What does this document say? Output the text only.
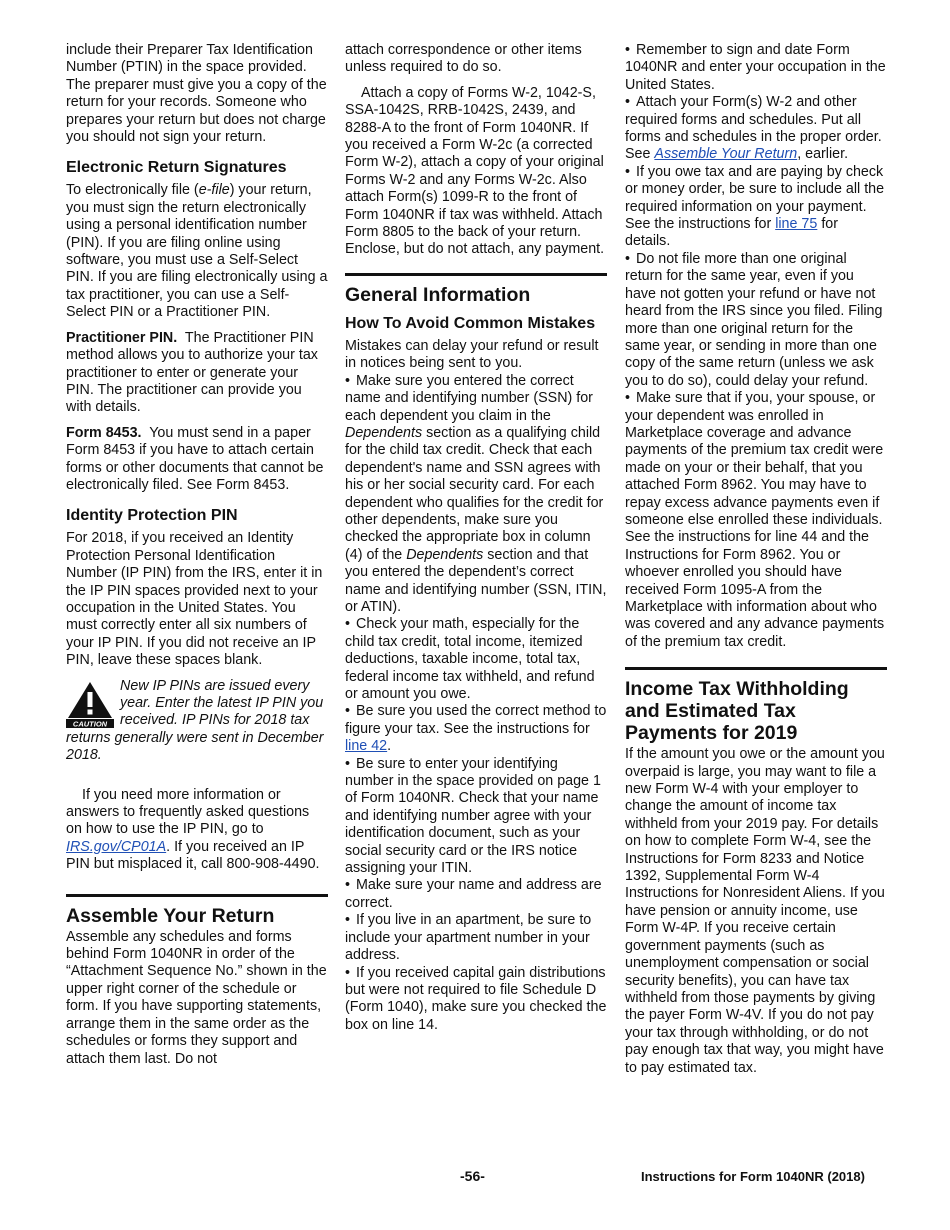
include their Preparer Tax Identification Number (PTIN) in the space provided. The preparer must give you a copy of the return for your records. Someone who prepares your return but does not charge you should not sign your return.

Electronic Return Signatures

To electronically file (e-file) your return, you must sign the return electronically using a personal identification number (PIN). If you are filing online using software, you must use a Self-Select PIN. If you are filing electronically using a tax practitioner, you can use a Self-Select PIN or a Practitioner PIN.

Practitioner PIN. The Practitioner PIN method allows you to authorize your tax practitioner to enter or generate your PIN. The practitioner can provide you with details.

Form 8453. You must send in a paper Form 8453 if you have to attach certain forms or other documents that cannot be electronically filed. See Form 8453.

Identity Protection PIN

For 2018, if you received an Identity Protection Personal Identification Number (IP PIN) from the IRS, enter it in the IP PIN spaces provided next to your occupation in the United States. You must correctly enter all six numbers of your IP PIN. If you did not receive an IP PIN, leave these spaces blank.

CAUTION
New IP PINs are issued every year. Enter the latest IP PIN you received. IP PINs for 2018 tax returns generally were sent in December 2018.

If you need more information or answers to frequently asked questions on how to use the IP PIN, go to IRS.gov/CP01A. If you received an IP PIN but misplaced it, call 800-908-4490.

Assemble Your Return

Assemble any schedules and forms behind Form 1040NR in order of the “Attachment Sequence No.” shown in the upper right corner of the schedule or form. If you have supporting statements, arrange them in the same order as the schedules or forms they support and attach them last. Do not

attach correspondence or other items unless required to do so.

Attach a copy of Forms W-2, 1042-S, SSA-1042S, RRB-1042S, 2439, and 8288-A to the front of Form 1040NR. If you received a Form W-2c (a corrected Form W-2), attach a copy of your original Forms W-2 and any Forms W-2c. Also attach Form(s) 1099-R to the front of Form 1040NR if tax was withheld. Attach Form 8805 to the back of your return. Enclose, but do not attach, any payment.

General Information
How To Avoid Common Mistakes

Mistakes can delay your refund or result in notices being sent to you.

• Make sure you entered the correct name and identifying number (SSN) for each dependent you claim in the Dependents section as a qualifying child for the child tax credit. Check that each dependent's name and SSN agrees with his or her social security card. For each dependent who qualifies for the credit for other dependents, make sure you checked the appropriate box in column (4) of the Dependents section and that you entered the dependent’s correct name and identifying number (SSN, ITIN, or ATIN).

• Check your math, especially for the child tax credit, total income, itemized deductions, taxable income, total tax, federal income tax withheld, and refund or amount you owe.

• Be sure you used the correct method to figure your tax. See the instructions for line 42.

• Be sure to enter your identifying number in the space provided on page 1 of Form 1040NR. Check that your name and identifying number agree with your identification document, such as your social security card or the IRS notice assigning your ITIN.

• Make sure your name and address are correct.

• If you live in an apartment, be sure to include your apartment number in your address.

• If you received capital gain distributions but were not required to file Schedule D (Form 1040), make sure you checked the box on line 14.

• Remember to sign and date Form 1040NR and enter your occupation in the United States.

• Attach your Form(s) W-2 and other required forms and schedules. Put all forms and schedules in the proper order. See Assemble Your Return, earlier.

• If you owe tax and are paying by check or money order, be sure to include all the required information on your payment. See the instructions for line 75 for details.

• Do not file more than one original return for the same year, even if you have not gotten your refund or have not heard from the IRS since you filed. Filing more than one original return for the same year, or sending in more than one copy of the same return (unless we ask you to do so), could delay your refund.

• Make sure that if you, your spouse, or your dependent was enrolled in Marketplace coverage and advance payments of the premium tax credit were made on your or their behalf, that you attached Form 8962. You may have to repay excess advance payments even if someone else enrolled these individuals. See the instructions for line 44 and the Instructions for Form 8962. You or whoever enrolled you should have received Form 1095-A from the Marketplace with information about who was covered and any advance payments of the premium tax credit.

Income Tax Withholding and Estimated Tax Payments for 2019

If the amount you owe or the amount you overpaid is large, you may want to file a new Form W-4 with your employer to change the amount of income tax withheld from your 2019 pay. For details on how to complete Form W-4, see the Instructions for Form 8233 and Notice 1392, Supplemental Form W-4 Instructions for Nonresident Aliens. If you have pension or annuity income, use Form W-4P. If you receive certain government payments (such as unemployment compensation or social security benefits), you can have tax withheld from those payments by giving the payer Form W-4V. If you do not pay your tax through withholding, or do not pay enough tax that way, you might have to pay estimated tax.

-56-	Instructions for Form 1040NR (2018)
